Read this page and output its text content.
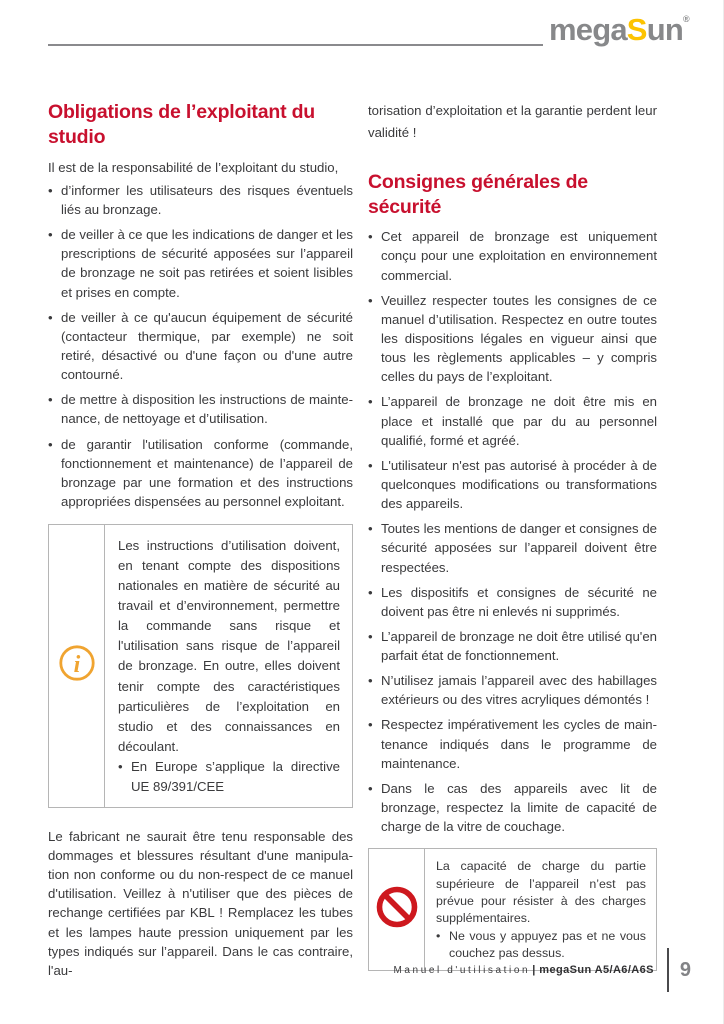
megaSun®
Obligations de l’exploitant du studio

Il est de la responsabilité de l’exploitant du studio,

• d’informer les utilisateurs des risques éventuels liés au bronzage.
• de veiller à ce que les indications de danger et les prescriptions de sécurité apposées sur l’appareil de bronzage ne soit pas retirées et soient lisibles et prises en compte.
• de veiller à ce qu'aucun équipement de sécurité (contacteur thermique, par exemple) ne soit retiré, désactivé ou d'une façon ou d'une autre contourné.
• de mettre à disposition les instructions de maintenance, de nettoyage et d’utilisation.
• de garantir l'utilisation conforme (commande, fonctionnement et maintenance) de l’appareil de bronzage par une formation et des instructions appropriées dispensées au personnel exploitant.
i

Les instructions d’utilisation doivent, en tenant compte des dispositions nationales en matière de sécurité au travail et d’environnement, permettre la commande sans risque et l'utilisation sans risque de l’appareil de bronzage. En outre, elles doivent tenir compte des caractéristiques particulières de l’exploitation en studio et des connaissances en découlant.

• En Europe s’applique la directive UE 89/391/CEE

Le fabricant ne saurait être tenu responsable des dommages et blessures résultant d'une manipulation non conforme ou du non-respect de ce manuel d'utilisation. Veillez à n'utiliser que des pièces de rechange certifiées par KBL ! Remplacez les tubes et les lampes haute pression uniquement par les types indiqués sur l’appareil. Dans le cas contraire, l'au-

torisation d’exploitation et la garantie perdent leur validité !

Consignes générales de sécurité
• Cet appareil de bronzage est uniquement conçu pour une exploitation en environnement commercial.
• Veuillez respecter toutes les consignes de ce manuel d’utilisation. Respectez en outre toutes les dispositions légales en vigueur ainsi que tous les règlements applicables – y compris celles du pays de l’exploitant.
• L’appareil de bronzage ne doit être mis en place et installé que par du au personnel qualifié, formé et agréé.
• L'utilisateur n'est pas autorisé à procéder à de quelconques modifications ou transformations des appareils.
• Toutes les mentions de danger et consignes de sécurité apposées sur l’appareil doivent être respectées.
• Les dispositifs et consignes de sécurité ne doivent pas être ni enlevés ni supprimés.
• L’appareil de bronzage ne doit être utilisé qu'en parfait état de fonctionnement.
• N’utilisez jamais l’appareil avec des habillages extérieurs ou des vitres acryliques démontés !
• Respectez impérativement les cycles de maintenance indiqués dans le programme de maintenance.
• Dans le cas des appareils avec lit de bronzage, respectez la limite de capacité de charge de la vitre de couchage.

La capacité de charge du partie supérieure de l’appareil n’est pas prévue pour résister à des charges supplémentaires.

• Ne vous y appuyez pas et ne vous couchez pas dessus.
Manuel d'utilisation | megaSun A5/A6/A6S 9
